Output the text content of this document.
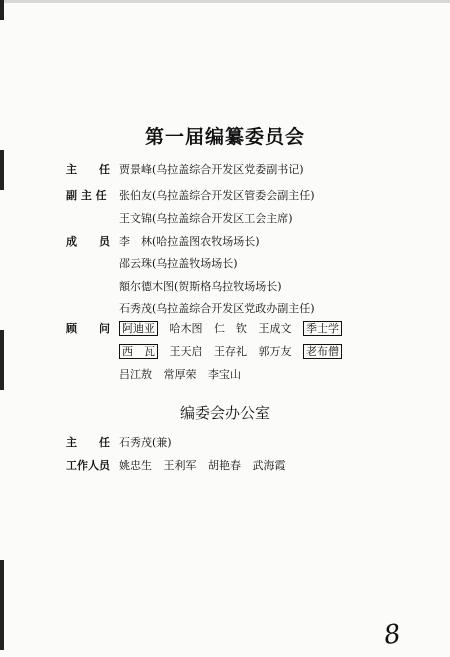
第一届编纂委员会
主　　任 贾景峰(乌拉盖综合开发区党委副书记)
副 主 任 张伯友(乌拉盖综合开发区管委会副主任)
王文锦(乌拉盖综合开发区工会主席)
成　　员 李　林(哈拉盖图农牧场场长)
邵云珠(乌拉盖牧场场长)
額尔德木图(贺斯格乌拉牧场场长)
石秀茂(乌拉盖综合开发区党政办副主任)
顾　　问 阿迪亚 哈木图 仁　钦 王成文 季士学
西　瓦 王天启 王存礼 郭万友 老布僧
吕江敖 常厚荣 李宝山
编委会办公室
主　　任 石秀茂(兼)
工作人员 姚忠生 王利军 胡艳春 武海霞
8
